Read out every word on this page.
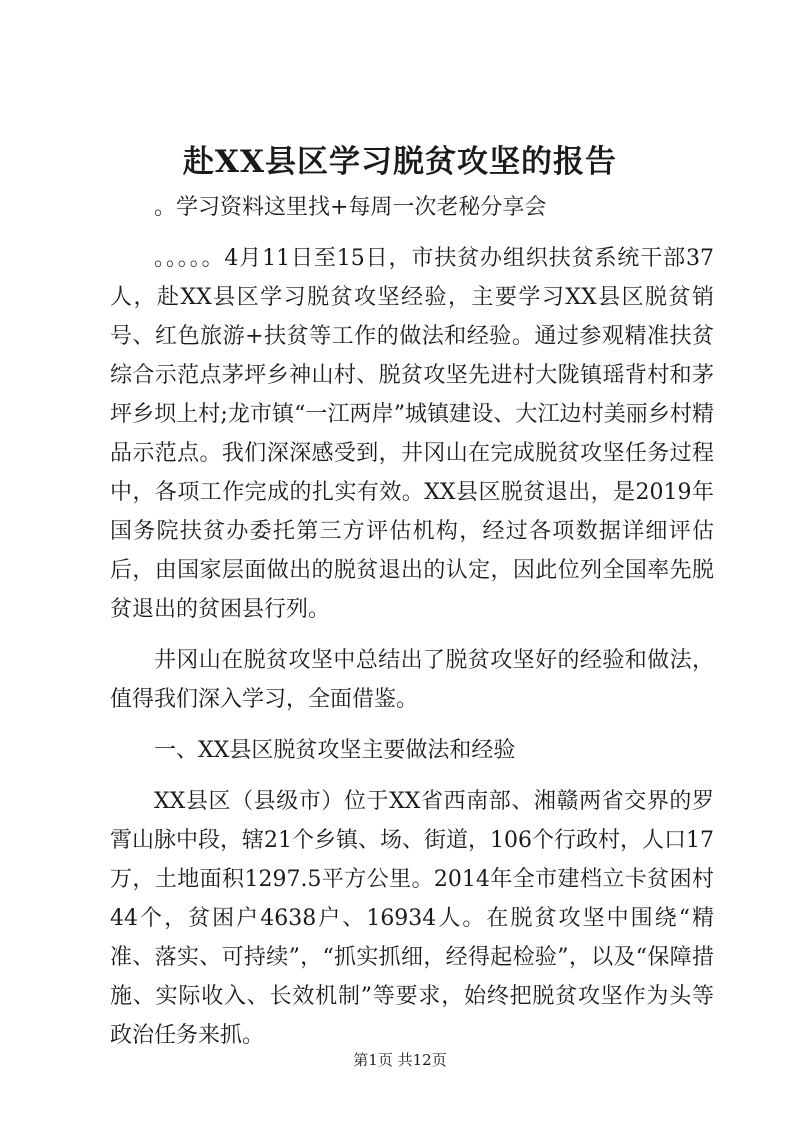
赴XX县区学习脱贫攻坚的报告

。学习资料这里找+每周一次老秘分享会

。。。。。4月11日至15日，市扶贫办组织扶贫系统干部37人，赴XX县区学习脱贫攻坚经验，主要学习XX县区脱贫销号、红色旅游+扶贫等工作的做法和经验。通过参观精准扶贫综合示范点茅坪乡神山村、脱贫攻坚先进村大陇镇瑶背村和茅坪乡坝上村;龙市镇“一江两岸”城镇建设、大江边村美丽乡村精品示范点。我们深深感受到，井冈山在完成脱贫攻坚任务过程中，各项工作完成的扎实有效。XX县区脱贫退出，是2019年国务院扶贫办委托第三方评估机构，经过各项数据详细评估后，由国家层面做出的脱贫退出的认定，因此位列全国率先脱贫退出的贫困县行列。

井冈山在脱贫攻坚中总结出了脱贫攻坚好的经验和做法，值得我们深入学习，全面借鉴。

一、XX县区脱贫攻坚主要做法和经验

XX县区（县级市）位于XX省西南部、湘赣两省交界的罗霄山脉中段，辖21个乡镇、场、街道，106个行政村，人口17万，土地面积1297.5平方公里。2014年全市建档立卡贫困村44个，贫困户4638户、16934人。在脱贫攻坚中围绕“精准、落实、可持续”，“抓实抓细，经得起检验”，以及“保障措施、实际收入、长效机制”等要求，始终把脱贫攻坚作为头等政治任务来抓。

第1页 共12页
